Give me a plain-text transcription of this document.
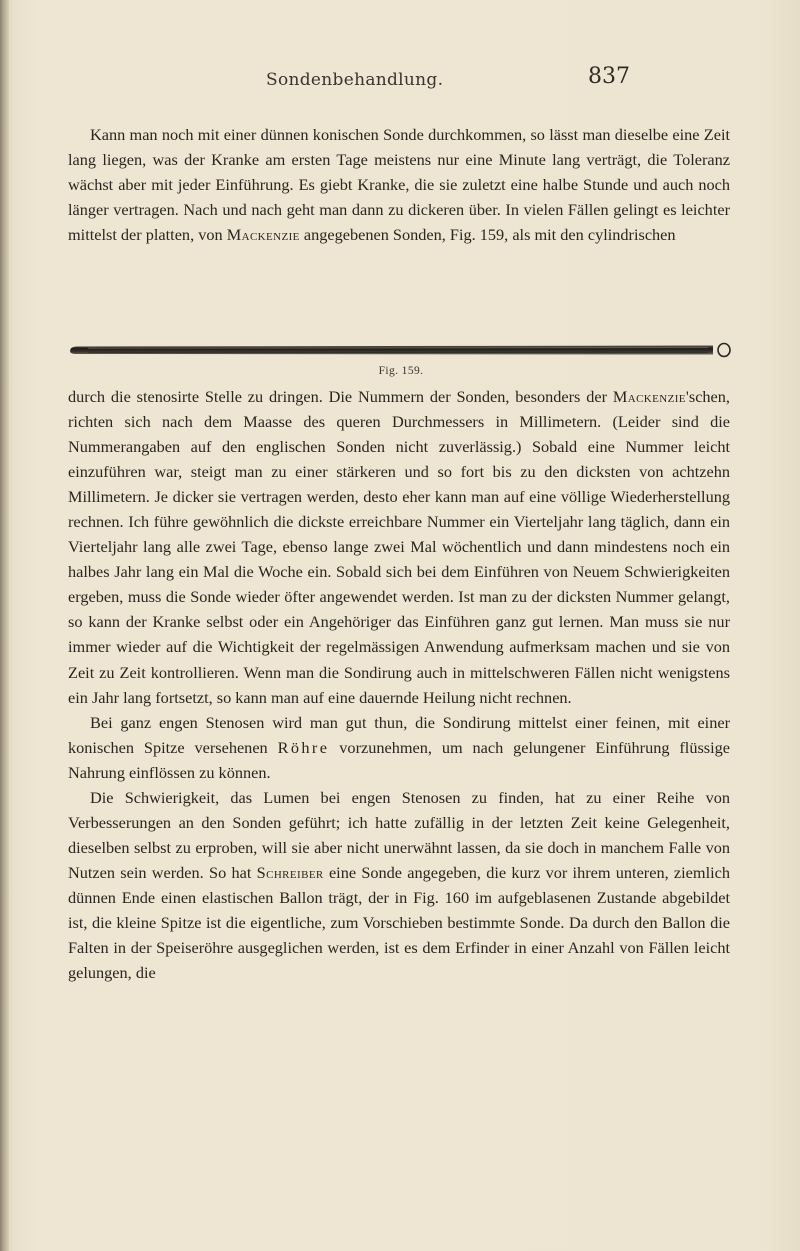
Sondenbehandlung.	837

Kann man noch mit einer dünnen konischen Sonde durchkommen, so lässt man dieselbe eine Zeit lang liegen, was der Kranke am ersten Tage meistens nur eine Minute lang verträgt, die Toleranz wächst aber mit jeder Einführung. Es giebt Kranke, die sie zuletzt eine halbe Stunde und auch noch länger vertragen. Nach und nach geht man dann zu dickeren über. In vielen Fällen gelingt es leichter mittelst der platten, von Mackenzie angegebenen Sonden, Fig. 159, als mit den cylindrischen

Fig. 159.

durch die stenosirte Stelle zu dringen. Die Nummern der Sonden, besonders der Mackenzie'schen, richten sich nach dem Maasse des queren Durchmessers in Millimetern. (Leider sind die Nummerangaben auf den englischen Sonden nicht zuverlässig.) Sobald eine Nummer leicht einzuführen war, steigt man zu einer stärkeren und so fort bis zu den dicksten von achtzehn Millimetern. Je dicker sie vertragen werden, desto eher kann man auf eine völlige Wiederherstellung rechnen. Ich führe gewöhnlich die dickste erreichbare Nummer ein Vierteljahr lang täglich, dann ein Vierteljahr lang alle zwei Tage, ebenso lange zwei Mal wöchentlich und dann mindestens noch ein halbes Jahr lang ein Mal die Woche ein. Sobald sich bei dem Einführen von Neuem Schwierigkeiten ergeben, muss die Sonde wieder öfter angewendet werden. Ist man zu der dicksten Nummer gelangt, so kann der Kranke selbst oder ein Angehöriger das Einführen ganz gut lernen. Man muss sie nur immer wieder auf die Wichtigkeit der regelmässigen Anwendung aufmerksam machen und sie von Zeit zu Zeit kontrollieren. Wenn man die Sondirung auch in mittelschweren Fällen nicht wenigstens ein Jahr lang fortsetzt, so kann man auf eine dauernde Heilung nicht rechnen.

Bei ganz engen Stenosen wird man gut thun, die Sondirung mittelst einer feinen, mit einer konischen Spitze versehenen Röhre vorzunehmen, um nach gelungener Einführung flüssige Nahrung einflössen zu können.

Die Schwierigkeit, das Lumen bei engen Stenosen zu finden, hat zu einer Reihe von Verbesserungen an den Sonden geführt; ich hatte zufällig in der letzten Zeit keine Gelegenheit, dieselben selbst zu erproben, will sie aber nicht unerwähnt lassen, da sie doch in manchem Falle von Nutzen sein werden. So hat Schreiber eine Sonde angegeben, die kurz vor ihrem unteren, ziemlich dünnen Ende einen elastischen Ballon trägt, der in Fig. 160 im aufgeblasenen Zustande abgebildet ist, die kleine Spitze ist die eigentliche, zum Vorschieben bestimmte Sonde. Da durch den Ballon die Falten in der Speiseröhre ausgeglichen werden, ist es dem Erfinder in einer Anzahl von Fällen leicht gelungen, die
